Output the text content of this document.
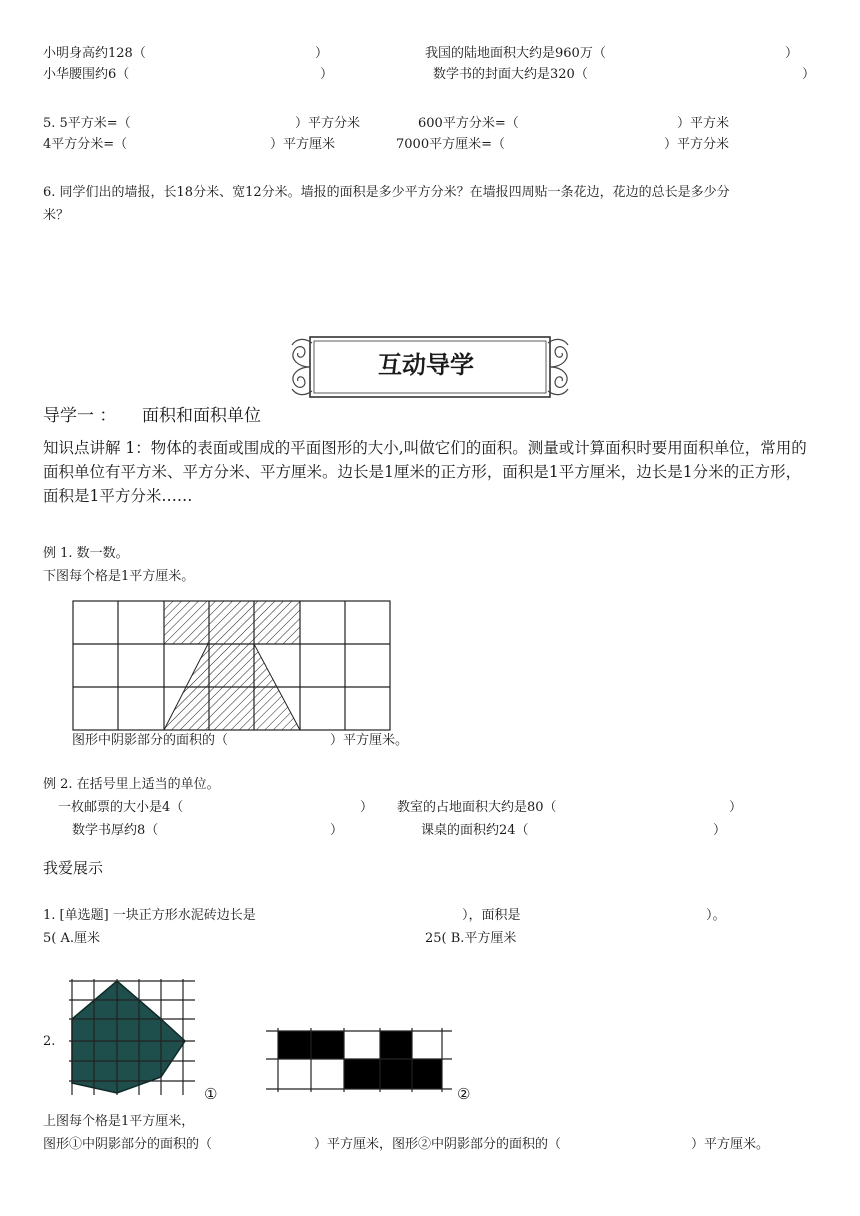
小明身高约128（	）	我国的陆地面积大约是960万（	）
小华腰围约6（	）	数学书的封面大约是320（	）
5. 5平方米=（	）平方分米	600平方分米=（	）平方米
4平方分米=（	）平方厘米	7000平方厘米=（	）平方分米
6. 同学们出的墙报，长18分米、宽12分米。墙报的面积是多少平方分米？在墙报四周贴一条花边，花边的总长是多少分
米？
互动导学
导学一 ： 面积和面积单位
知识点讲解 1：物体的表面或围成的平面图形的大小,叫做它们的面积。测量或计算面积时要用面积单位，常用的面积单位有平方米、平方分米、平方厘米。边长是1厘米的正方形，面积是1平方厘米，边长是1分米的正方形，面积是1平方分米……
例 1. 数一数。
下图每个格是1平方厘米。
图形中阴影部分的面积的（	）平方厘米。
例 2. 在括号里上适当的单位。
一枚邮票的大小是4（	） 教室的占地面积大约是80（	）
数学书厚约8（	）	课桌的面积约24（	）
我爱展示
1. [单选题] 一块正方形水泥砖边长是	），面积是	）。
5( A.厘米	25( B.平方厘米
2.
①	②
上图每个格是1平方厘米，
图形①中阴影部分的面积的（	）平方厘米，图形②中阴影部分的面积的（	）平方厘米。
